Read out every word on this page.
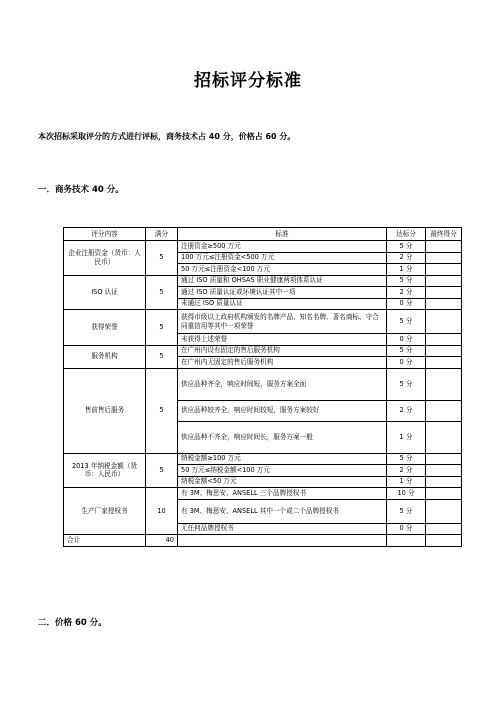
招标评分标准
本次招标采取评分的方式进行评标，商务技术占 40 分，价格占 60 分。
一．商务技术 40 分。
评分内容	满分	标准	达标分	最终得分
企业注册资金（货币：人民币）	5	注册资金≥500 万元	5 分	
		100 万元≤注册资金<500 万元	2 分	
		50 万元≤注册资金<100 万元	1 分	
ISO 认证	5	通过 ISO 质量和 OHSAS 职业健康两项体系认证	5 分	
		通过 ISO 质量认证或环境认证其中一项	2 分	
		未通过 ISO 质量认证	0 分	
获得荣誉	5	获得市级以上政府机构颁发的名牌产品、知名名牌、著名商标、守合同重信用等其中一项荣誉	5 分	
		未获得上述荣誉	0 分	
服务机构	5	在广州内设有固定的售后服务机构	5 分	
		在广州内无固定的售后服务机构	0 分	
售前售后服务	5	供应品种齐全，响应时间短，服务方案全面	5 分	
		供应品种较齐全，响应时间较短，服务方案较好	2 分	
		供应品种不齐全，响应时间长，服务方案一般	1 分	
2013 年纳税金额（货币：人民币）	5	纳税金额≥100 万元	5 分	
		50 万元≤纳税金额<100 万元	2 分	
		纳税金额<50 万元	1 分	
生产厂家授权书	10	有 3M、梅思安、ANSELL 三个品牌授权书	10 分	
		有 3M、梅思安、ANSELL 其中一个或二个品牌授权书	5 分	
		无任何品牌授权书	0 分	
合计	40			
二．价格 60 分。
